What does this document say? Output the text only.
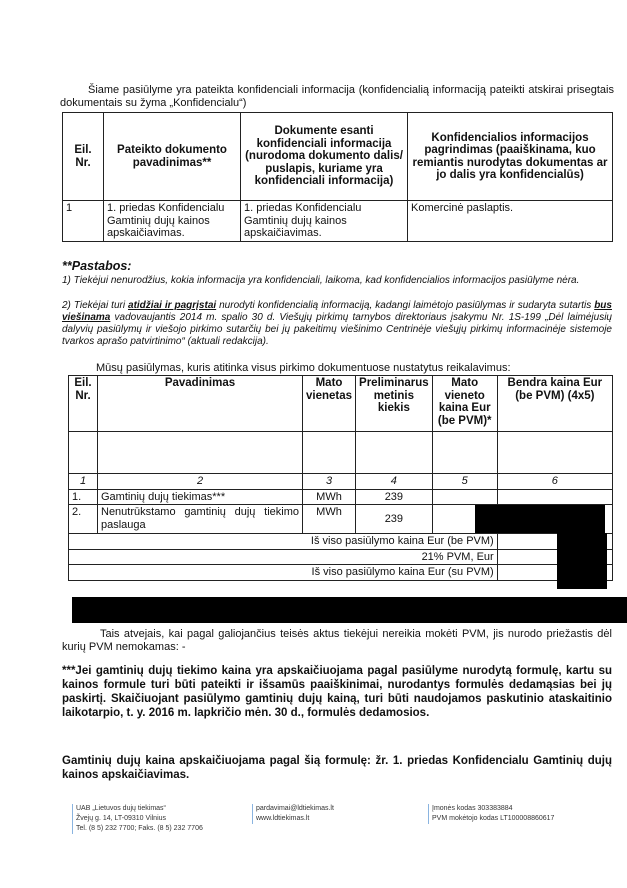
Šiame pasiūlyme yra pateikta konfidenciali informacija (konfidencialią informaciją pateikti atskirai prisegtais dokumentais su žyma „Konfidencialu“)

Eil. Nr.	Pateikto dokumento pavadinimas**	Dokumente esanti konfidenciali informacija (nurodoma dokumento dalis/ puslapis, kuriame yra konfidenciali informacija)	Konfidencialios informacijos pagrindimas (paaiškinama, kuo remiantis nurodytas dokumentas ar jo dalis yra konfidencialūs)
1	1. priedas Konfidencialu Gamtinių dujų kainos apskaičiavimas.	1. priedas Konfidencialu Gamtinių dujų kainos apskaičiavimas.	Komercinė paslaptis.
**Pastabos:

1) Tiekėjui nenurodžius, kokia informacija yra konfidenciali, laikoma, kad konfidencialios informacijos pasiūlyme nėra.

2) Tiekėjai turi atidžiai ir pagrįstai nurodyti konfidencialią informaciją, kadangi laimėtojo pasiūlymas ir sudaryta sutartis bus viešinama vadovaujantis 2014 m. spalio 30 d. Viešųjų pirkimų tarnybos direktoriaus įsakymu Nr. 1S-199 „Dėl laimėjusių dalyvių pasiūlymų ir viešojo pirkimo sutarčių bei jų pakeitimų viešinimo Centrinėje viešųjų pirkimų informacinėje sistemoje tvarkos aprašo patvirtinimo“ (aktuali redakcija).

Mūsų pasiūlymas, kuris atitinka visus pirkimo dokumentuose nustatytus reikalavimus:

Eil. Nr.	Pavadinimas	Mato vienetas	Preliminarus metinis kiekis	Mato vieneto kaina Eur (be PVM)*	Bendra kaina Eur (be PVM) (4x5)

1	2	3	4	5	6
1.	Gamtinių dujų tiekimas***	MWh	239		
2.	Nenutrūkstamo gamtinių dujų tiekimo paslauga	MWh	239		
Iš viso pasiūlymo kaina Eur (be PVM)					
21% PVM, Eur					
Iš viso pasiūlymo kaina Eur (su PVM)					

Tais atvejais, kai pagal galiojančius teisės aktus tiekėjui nereikia mokėti PVM, jis nurodo priežastis dėl kurių PVM nemokamas: -

***Jei gamtinių dujų tiekimo kaina yra apskaičiuojama pagal pasiūlyme nurodytą formulę, kartu su kainos formule turi būti pateikti ir išsamūs paaiškinimai, nurodantys formulės dedamąsias bei jų paskirtį. Skaičiuojant pasiūlymo gamtinių dujų kainą, turi būti naudojamos paskutinio ataskaitinio laikotarpio, t. y. 2016 m. lapkričio mėn. 30 d., formulės dedamosios.

Gamtinių dujų kaina apskaičiuojama pagal šią formulę: žr. 1. priedas Konfidencialu Gamtinių dujų kainos apskaičiavimas.

UAB „Lietuvos dujų tiekimas“
Žvejų g. 14, LT-09310 Vilnius
Tel. (8 5) 232 7700; Faks. (8 5) 232 7706
pardavimai@ldtiekimas.lt
www.ldtiekimas.lt
Įmonės kodas 303383884
PVM mokėtojo kodas LT100008860617
